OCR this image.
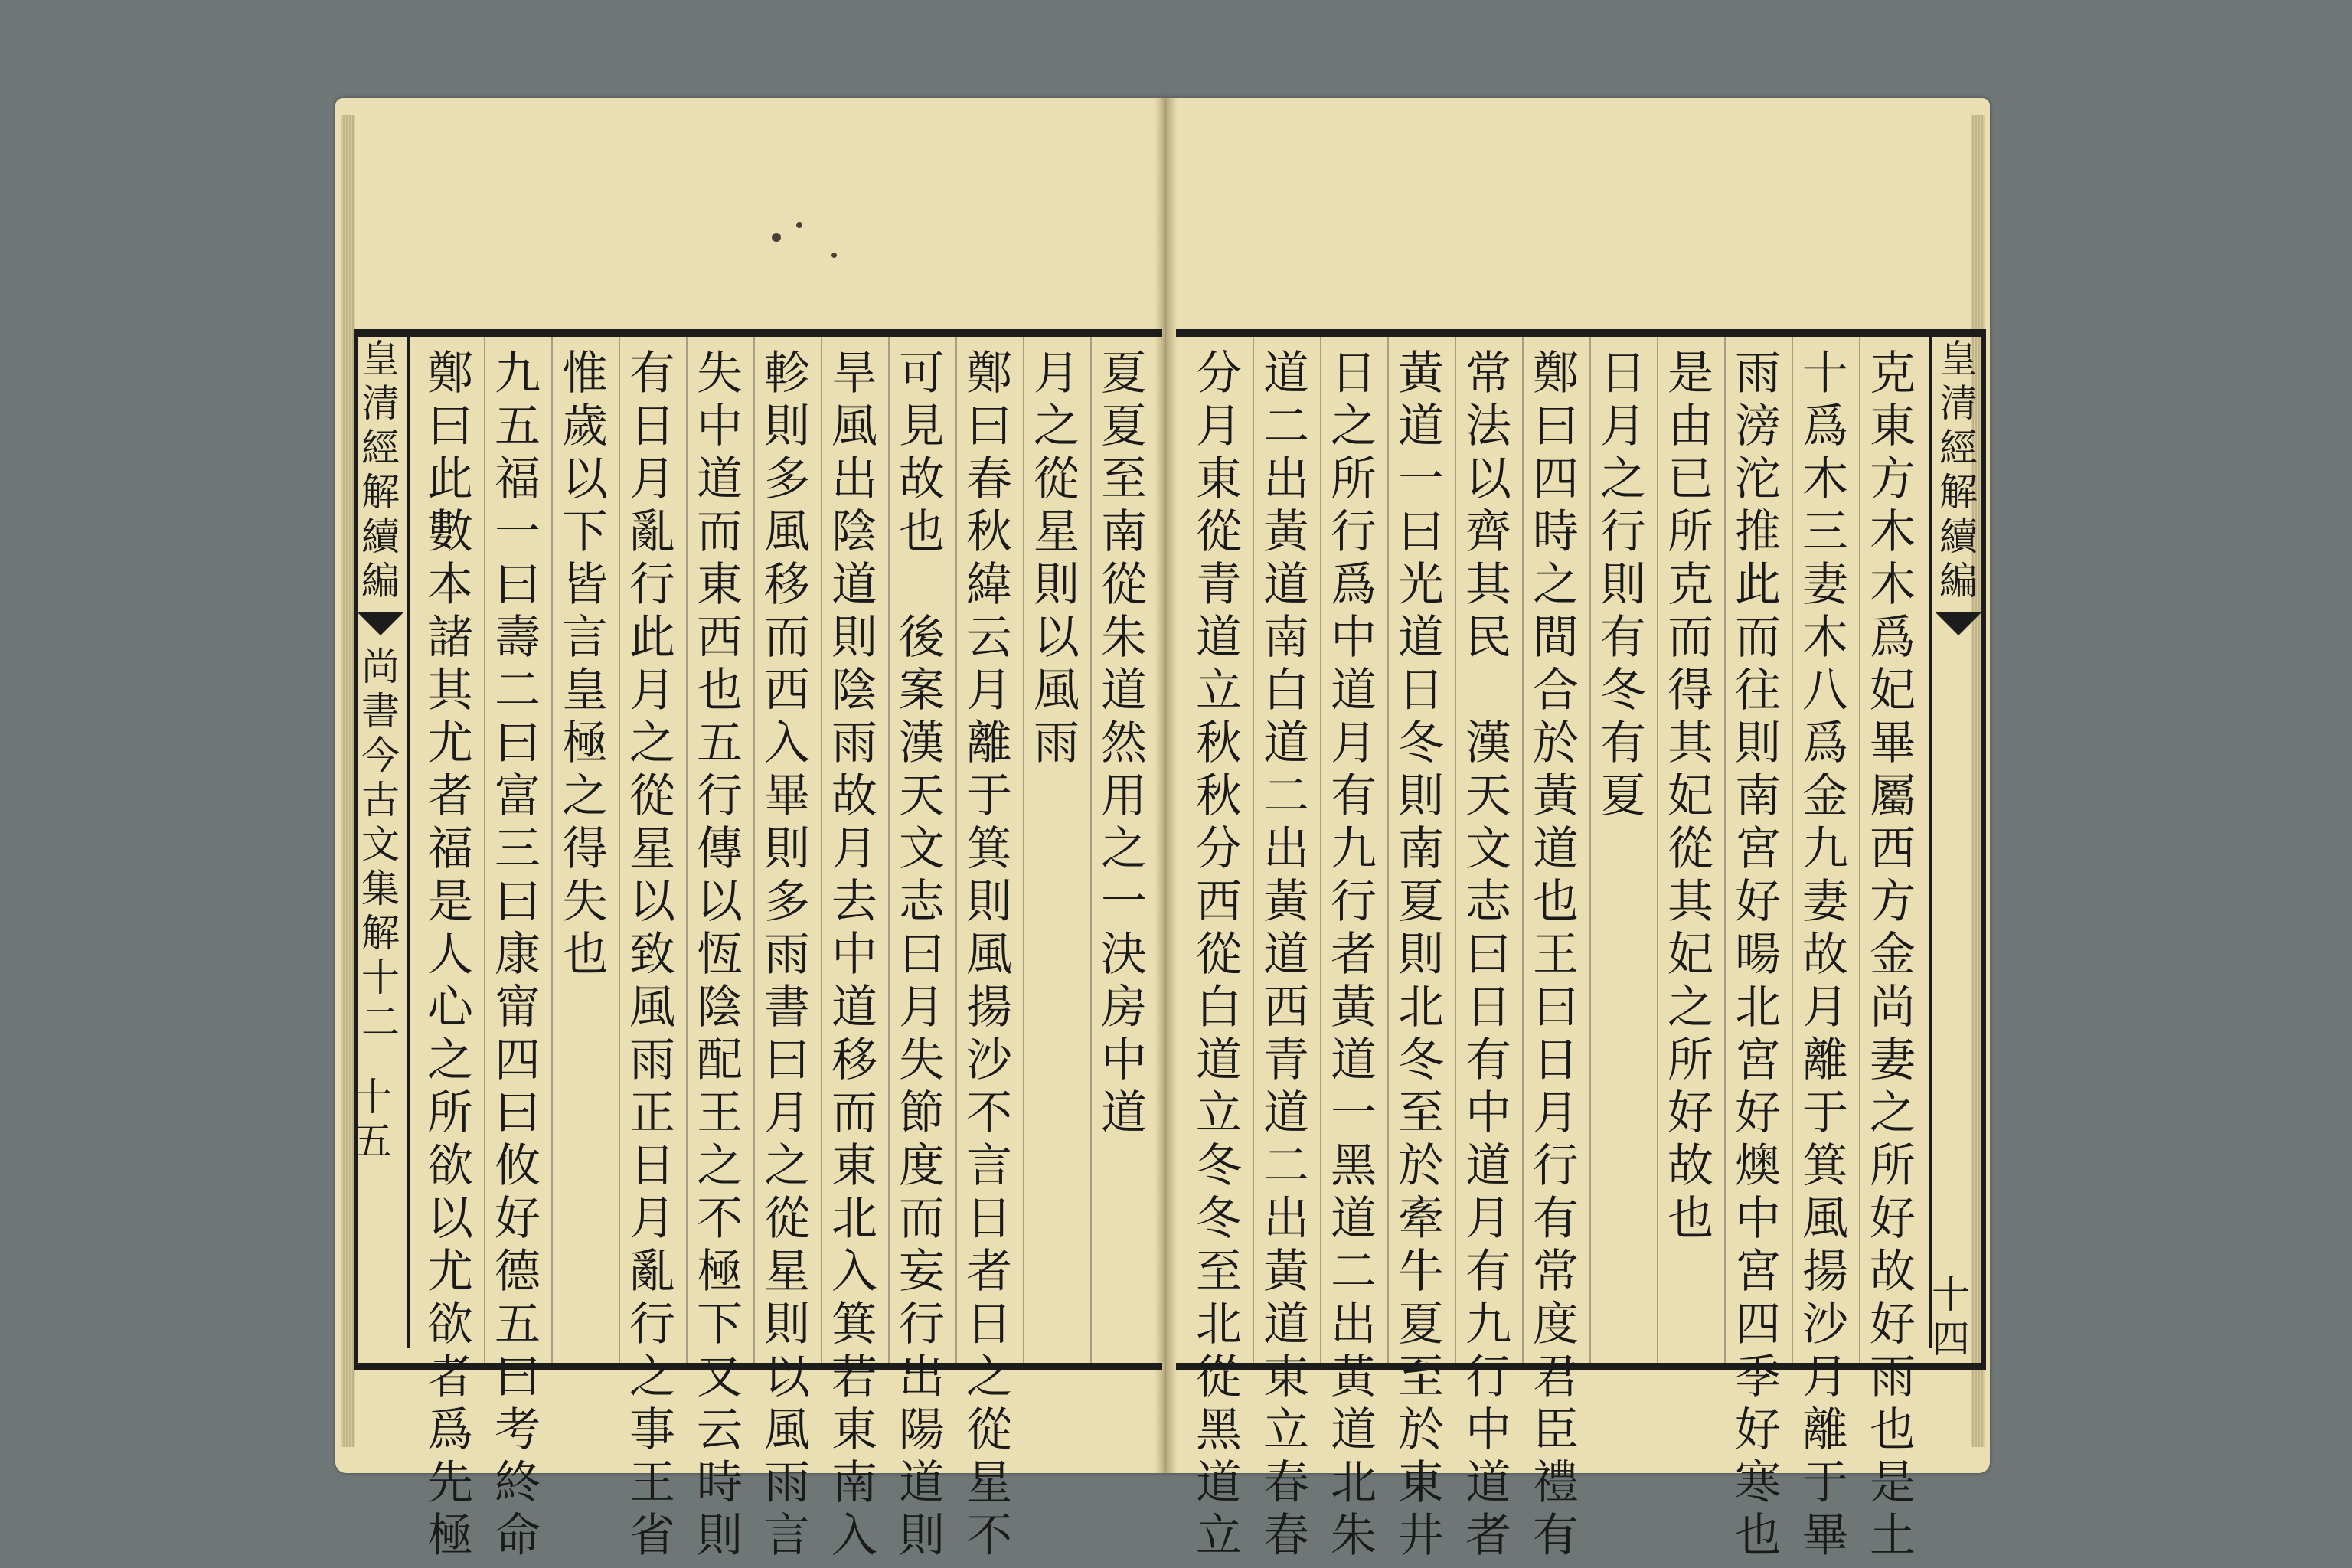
夏
夏
至
南
從
朱
道
然
用
之
一
決
房
中
道
月
之
從
星
則
以
風
雨
鄭
曰
春
秋
緯
云
月
離
于
箕
則
風
揚
沙
不
言
日
者
日
之
從
星
不
可
見
故
也

後
案
漢
天
文
志
曰
月
失
節
度
而
妄
行
出
陽
道
則
旱
風
出
陰
道
則
陰
雨
故
月
去
中
道
移
而
東
北
入
箕
若
東
南
入
軫
則
多
風
移
而
西
入
畢
則
多
雨
書
曰
月
之
從
星
則
以
風
雨
言
失
中
道
而
東
西
也
五
行
傳
以
恆
陰
配
王
之
不
極
下
又
云
時
則
有
日
月
亂
行
此
月
之
從
星
以
致
風
雨
正
日
月
亂
行
之
事
王
省
惟
歲
以
下
皆
言
皇
極
之
得
失
也
九
五
福
一
曰
壽
二
曰
富
三
曰
康
甯
四
曰
攸
好
德
五
曰
考
終
命
鄭
曰
此
數
本
諸
其
尤
者
福
是
人
心
之
所
欲
以
尤
欲
者
爲
先
極
克
東
方
木
木
爲
妃
畢
屬
西
方
金
尚
妻
之
所
好
故
好
雨
也
是
土
十
爲
木
三
妻
木
八
爲
金
九
妻
故
月
離
于
箕
風
揚
沙
月
離
于
畢
雨
滂
沱
推
此
而
往
則
南
宮
好
暘
北
宮
好
燠
中
宮
四
季
好
寒
也
是
由
已
所
克
而
得
其
妃
從
其
妃
之
所
好
故
也
日
月
之
行
則
有
冬
有
夏
鄭
曰
四
時
之
間
合
於
黃
道
也
王
曰
日
月
行
有
常
度
君
臣
禮
有
常
法
以
齊
其
民

漢
天
文
志
曰
日
有
中
道
月
有
九
行
中
道
者
黃
道
一
曰
光
道
日
冬
則
南
夏
則
北
冬
至
於
牽
牛
夏
至
於
東
井
日
之
所
行
爲
中
道
月
有
九
行
者
黃
道
一
黑
道
二
出
黃
道
北
朱
道
二
出
黃
道
南
白
道
二
出
黃
道
西
青
道
二
出
黃
道
東
立
春
春
分
月
東
從
青
道
立
秋
秋
分
西
從
白
道
立
冬
冬
至
北
從
黑
道
立
皇
清
經
解
續
編
尚
書
今
古
文
集
解
十
二
十五
皇
清
經
解
續
編
十四
